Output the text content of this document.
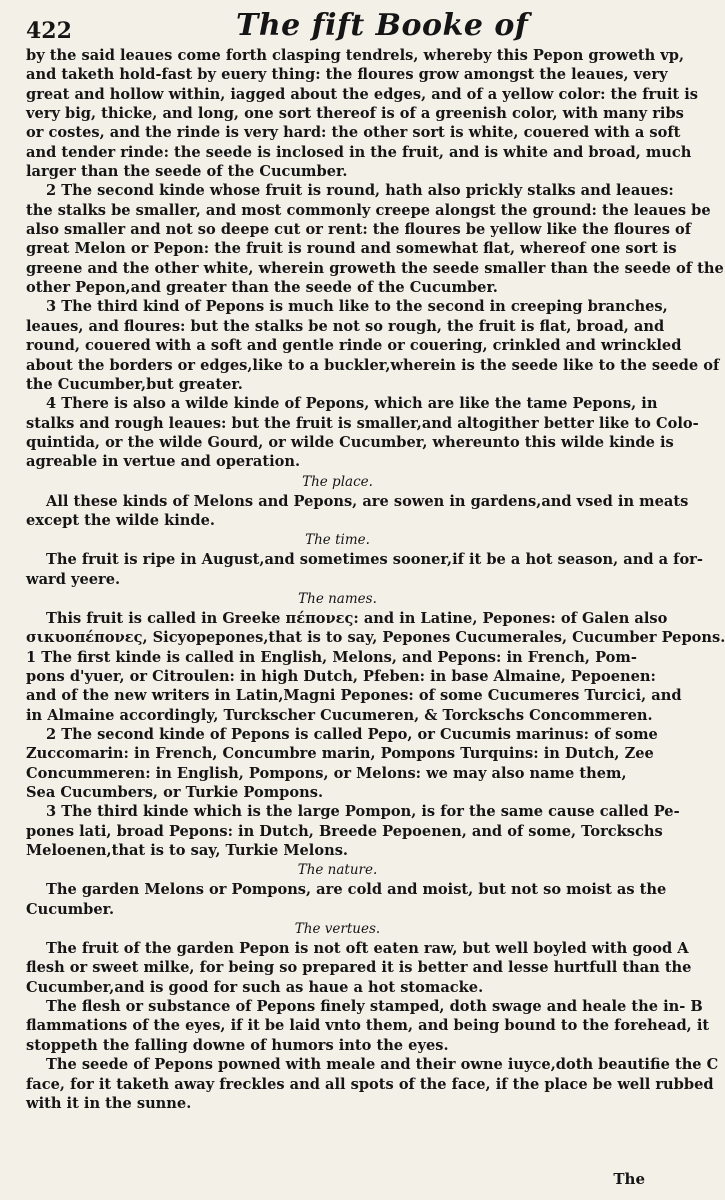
422	The fift Booke of
by the said leaues come forth clasping tendrels, whereby this Pepon groweth vp,
and taketh hold-fast by euery thing: the floures grow amongst the leaues, very
great and hollow within, iagged about the edges, and of a yellow color: the fruit is
very big, thicke, and long, one sort thereof is of a greenish color, with many ribs
or costes, and the rinde is very hard: the other sort is white, couered with a soft
and tender rinde: the seede is inclosed in the fruit, and is white and broad, much
larger than the seede of the Cucumber.
2 The second kinde whose fruit is round, hath also prickly stalks and leaues:
the stalks be smaller, and most commonly creepe alongst the ground: the leaues be
also smaller and not so deepe cut or rent: the floures be yellow like the floures of
great Melon or Pepon: the fruit is round and somewhat flat, whereof one sort is
greene and the other white, wherein groweth the seede smaller than the seede of the
other Pepon,and greater than the seede of the Cucumber.
3 The third kind of Pepons is much like to the second in creeping branches,
leaues, and floures: but the stalks be not so rough, the fruit is flat, broad, and
round, couered with a soft and gentle rinde or couering, crinkled and wrinckled
about the borders or edges,like to a buckler,wherein is the seede like to the seede of
the Cucumber,but greater.
4 There is also a wilde kinde of Pepons, which are like the tame Pepons, in
stalks and rough leaues: but the fruit is smaller,and altogither better like to Colo-
quintida, or the wilde Gourd, or wilde Cucumber, whereunto this wilde kinde is
agreable in vertue and operation.

The place.

All these kinds of Melons and Pepons, are sowen in gardens,and vsed in meats
except the wilde kinde.

The time.

The fruit is ripe in August,and sometimes sooner,if it be a hot season, and a for-
ward yeere.

The names.

This fruit is called in Greeke πέπονες: and in Latine, Pepones: of Galen also
σικυοπέπονες, Sicyopepones,that is to say, Pepones Cucumerales, Cucumber Pepons.
1 The first kinde is called in English, Melons, and Pepons: in French, Pom-
pons d'yuer, or Citroulen: in high Dutch, Pfeben: in base Almaine, Pepoenen:
and of the new writers in Latin,Magni Pepones: of some Cucumeres Turcici, and
in Almaine accordingly, Turckscher Cucumeren, & Torckschs Concommeren.
2 The second kinde of Pepons is called Pepo, or Cucumis marinus: of some
Zuccomarin: in French, Concumbre marin, Pompons Turquins: in Dutch, Zee
Concummeren: in English, Pompons, or Melons: we may also name them,
Sea Cucumbers, or Turkie Pompons.
3 The third kinde which is the large Pompon, is for the same cause called Pe-
pones lati, broad Pepons: in Dutch, Breede Pepoenen, and of some, Torckschs
Meloenen,that is to say, Turkie Melons.

The nature.

The garden Melons or Pompons, are cold and moist, but not so moist as the
Cucumber.

The vertues.

The fruit of the garden Pepon is not oft eaten raw, but well boyled with good A
flesh or sweet milke, for being so prepared it is better and lesse hurtfull than the
Cucumber,and is good for such as haue a hot stomacke.
The flesh or substance of Pepons finely stamped, doth swage and heale the in- B
flammations of the eyes, if it be laid vnto them, and being bound to the forehead, it
stoppeth the falling downe of humors into the eyes.
The seede of Pepons powned with meale and their owne iuyce,doth beautifie the C
face, for it taketh away freckles and all spots of the face, if the place be well rubbed
with it in the sunne.
The
